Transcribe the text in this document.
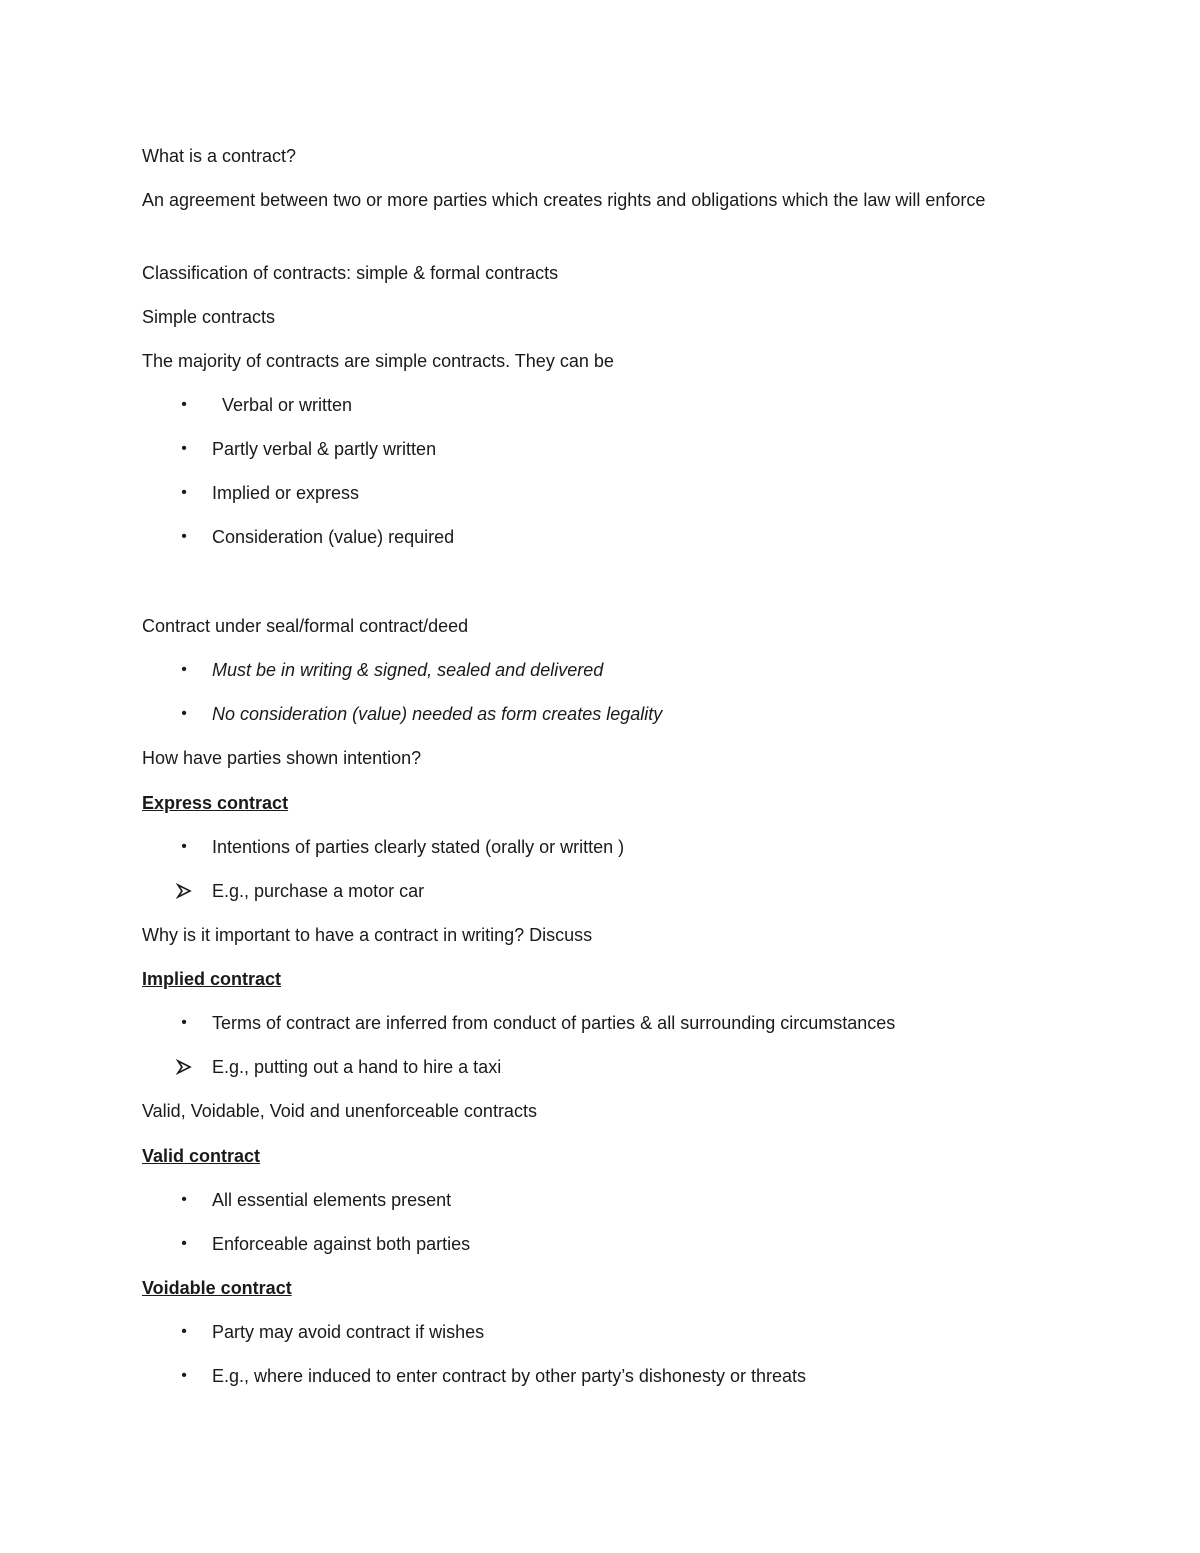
What is a contract?
An agreement between two or more parties which creates rights and obligations which the law will enforce
Classification of contracts: simple & formal contracts
Simple contracts
The majority of contracts are simple contracts. They can be
•	Verbal or written
•	Partly verbal & partly written
•	Implied or express
•	Consideration (value) required
Contract under seal/formal contract/deed
•	Must be in writing & signed, sealed and delivered
•	No consideration (value) needed as form creates legality
How have parties shown intention?
Express contract
•	Intentions of parties clearly stated (orally or written )
E.g., purchase a motor car
Why is it important to have a contract in writing? Discuss
Implied contract
•	Terms of contract are inferred from conduct of parties & all surrounding circumstances
E.g., putting out a hand to hire a taxi
Valid, Voidable, Void and unenforceable contracts
Valid contract
•	All essential elements present
•	Enforceable against both parties
Voidable contract
•	Party may avoid contract if wishes
•	E.g., where induced to enter contract by other party’s dishonesty or threats
